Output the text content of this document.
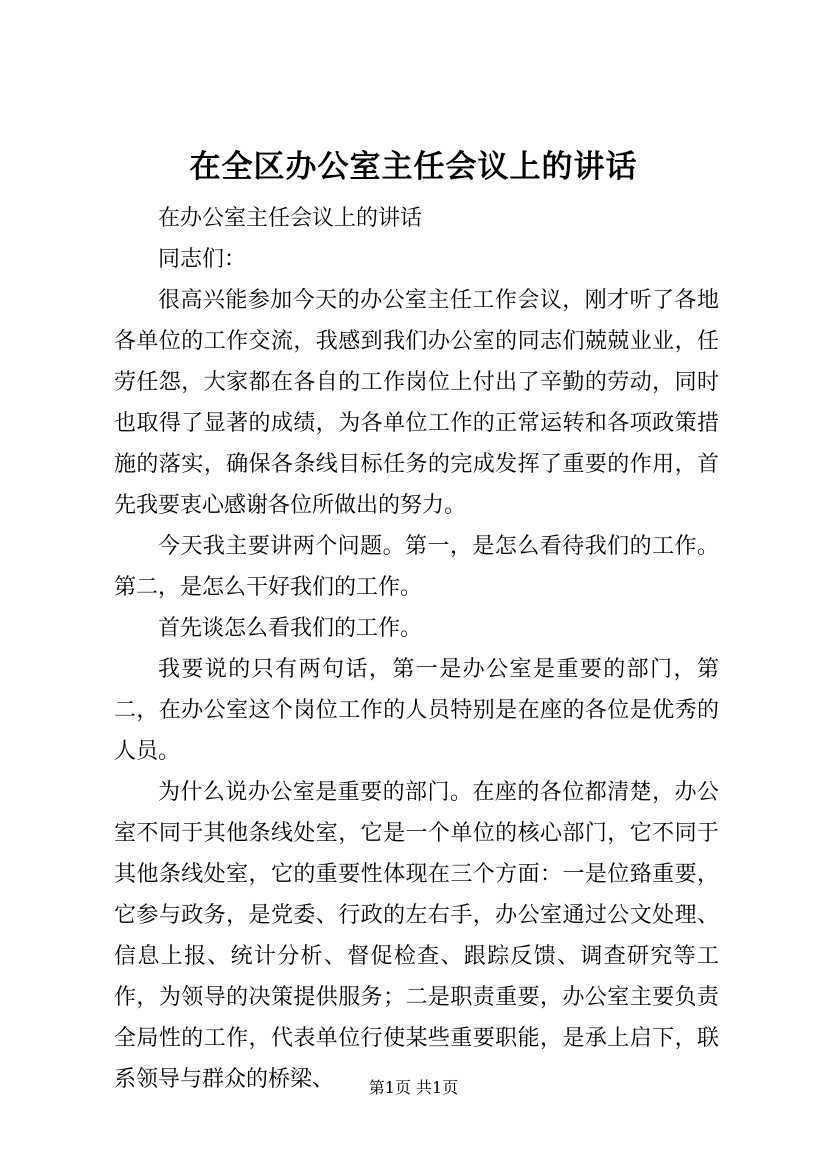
在全区办公室主任会议上的讲话

在办公室主任会议上的讲话

同志们：

很高兴能参加今天的办公室主任工作会议，刚才听了各地各单位的工作交流，我感到我们办公室的同志们兢兢业业，任劳任怨，大家都在各自的工作岗位上付出了辛勤的劳动，同时也取得了显著的成绩，为各单位工作的正常运转和各项政策措施的落实，确保各条线目标任务的完成发挥了重要的作用，首先我要衷心感谢各位所做出的努力。

今天我主要讲两个问题。第一，是怎么看待我们的工作。第二，是怎么干好我们的工作。

首先谈怎么看我们的工作。

我要说的只有两句话，第一是办公室是重要的部门，第二，在办公室这个岗位工作的人员特别是在座的各位是优秀的人员。

为什么说办公室是重要的部门。在座的各位都清楚，办公室不同于其他条线处室，它是一个单位的核心部门，它不同于其他条线处室，它的重要性体现在三个方面：一是位臵重要，它参与政务，是党委、行政的左右手，办公室通过公文处理、信息上报、统计分析、督促检查、跟踪反馈、调查研究等工作，为领导的决策提供服务；二是职责重要，办公室主要负责全局性的工作，代表单位行使某些重要职能，是承上启下，联系领导与群众的桥梁、	第1页 共1页
